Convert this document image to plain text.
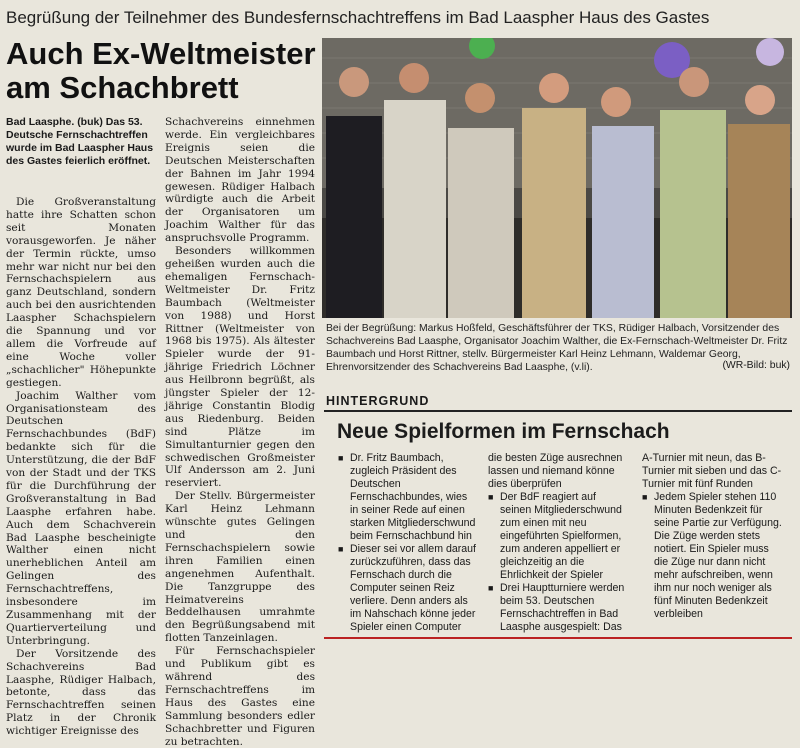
Begrüßung der Teilnehmer des Bundesfernschachtreffens im Bad Laaspher Haus des Gastes
Auch Ex-Weltmeister
am Schachbrett
Bad Laasphe. (buk) Das 53. Deutsche Fernschachtreffen wurde im Bad Laaspher Haus des Gastes feierlich eröffnet.

Die Großveranstaltung hatte ihre Schatten schon seit Monaten vorausgeworfen. Je näher der Termin rückte, umso mehr war nicht nur bei den Fernschachspielern aus ganz Deutschland, sondern auch bei den ausrichtenden Laaspher Schachspielern die Spannung und vor allem die Vorfreude auf eine Woche voller „schachlicher" Höhepunkte gestiegen.

Joachim Walther vom Organisationsteam des Deutschen Fernschachbundes (BdF) bedankte sich für die Unterstützung, die der BdF von der Stadt und der TKS für die Durchführung der Großveranstaltung in Bad Laasphe erfahren habe. Auch dem Schachverein Bad Laasphe bescheinigte Walther einen nicht unerheblichen Anteil am Gelingen des Fernschachtreffens, insbesondere im Zusammenhang mit der Quartierverteilung und Unterbringung.

Der Vorsitzende des Schachvereins Bad Laasphe, Rüdiger Halbach, betonte, dass das Fernschachtreffen seinen Platz in der Chronik wichtiger Ereignisse des

Schachvereins einnehmen werde. Ein vergleichbares Ereignis seien die Deutschen Meisterschaften der Bahnen im Jahr 1994 gewesen. Rüdiger Halbach würdigte auch die Arbeit der Organisatoren um Joachim Walther für das anspruchsvolle Programm.

Besonders willkommen geheißen wurden auch die ehemaligen Fernschach-Weltmeister Dr. Fritz Baumbach (Weltmeister von 1988) und Horst Rittner (Weltmeister von 1968 bis 1975). Als ältester Spieler wurde der 91-jährige Friedrich Löchner aus Heilbronn begrüßt, als jüngster Spieler der 12-jährige Constantin Blodig aus Riedenburg. Beiden sind Plätze im Simultanturnier gegen den schwedischen Großmeister Ulf Andersson am 2. Juni reserviert.

Der Stellv. Bürgermeister Karl Heinz Lehmann wünschte gutes Gelingen und den Fernschachspielern sowie ihren Familien einen angenehmen Aufenthalt. Die Tanzgruppe des Heimatvereins Beddelhausen umrahmte den Begrüßungsabend mit flotten Tanzeinlagen.

Für Fernschachspieler und Publikum gibt es während des Fernschachtreffens im Haus des Gastes eine Sammlung besonders edler Schachbretter und Figuren zu betrachten.

Bei der Begrüßung: Markus Hoßfeld, Geschäftsführer der TKS, Rüdiger Halbach, Vorsitzender des Schachvereins Bad Laasphe, Organisator Joachim Walther, die Ex-Fernschach-Weltmeister Dr. Fritz Baumbach und Horst Rittner, stellv. Bürgermeister Karl Heinz Lehmann, Waldemar Georg, Ehrenvorsitzender des Schachvereins Bad Laasphe, (v.li).	(WR-Bild: buk)
HINTERGRUND
Neue Spielformen im Fernschach
■ Dr. Fritz Baumbach, zugleich Präsident des Deutschen Fernschachbundes, wies in seiner Rede auf einen starken Mitgliederschwund beim Fernschachbund hin
■ Dieser sei vor allem darauf zurückzuführen, dass das Fernschach durch die Computer seinen Reiz verliere. Denn anders als im Nahschach könne jeder Spieler einen Computer
die besten Züge ausrechnen lassen und niemand könne dies überprüfen
■ Der BdF reagiert auf seinen Mitgliederschwund zum einen mit neu eingeführten Spielformen, zum anderen appelliert er gleichzeitig an die Ehrlichkeit der Spieler
■ Drei Hauptturniere werden beim 53. Deutschen Fernschachtreffen in Bad Laasphe ausgespielt: Das
A-Turnier mit neun, das B-Turnier mit sieben und das C-Turnier mit fünf Runden
■ Jedem Spieler stehen 110 Minuten Bedenkzeit für seine Partie zur Verfügung. Die Züge werden stets notiert. Ein Spieler muss die Züge nur dann nicht mehr aufschreiben, wenn ihm nur noch weniger als fünf Minuten Bedenkzeit verbleiben
